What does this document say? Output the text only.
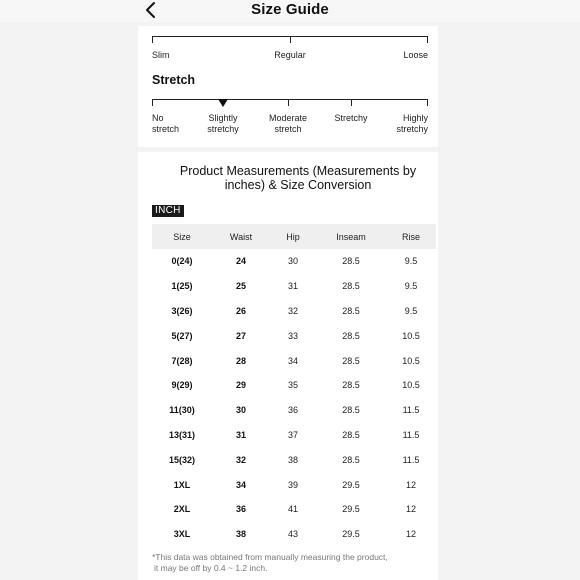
Size Guide
Slim	Regular	Loose
Stretch
No
stretch
Slightly
stretchy
Moderate
stretch
Stretchy	Highly
stretchy
Product Measurements (Measurements by
inches) & Size Conversion
INCH
Size	Waist	Hip	Inseam	Rise
0(24)	24	30	28.5	9.5
1(25)	25	31	28.5	9.5
3(26)	26	32	28.5	9.5
5(27)	27	33	28.5	10.5
7(28)	28	34	28.5	10.5
9(29)	29	35	28.5	10.5
11(30)	30	36	28.5	11.5
13(31)	31	37	28.5	11.5
15(32)	32	38	28.5	11.5
1XL	34	39	29.5	12
2XL	36	41	29.5	12
3XL	38	43	29.5	12
*This data was obtained from manually measuring the product,
it may be off by 0.4 ~ 1.2 inch.
